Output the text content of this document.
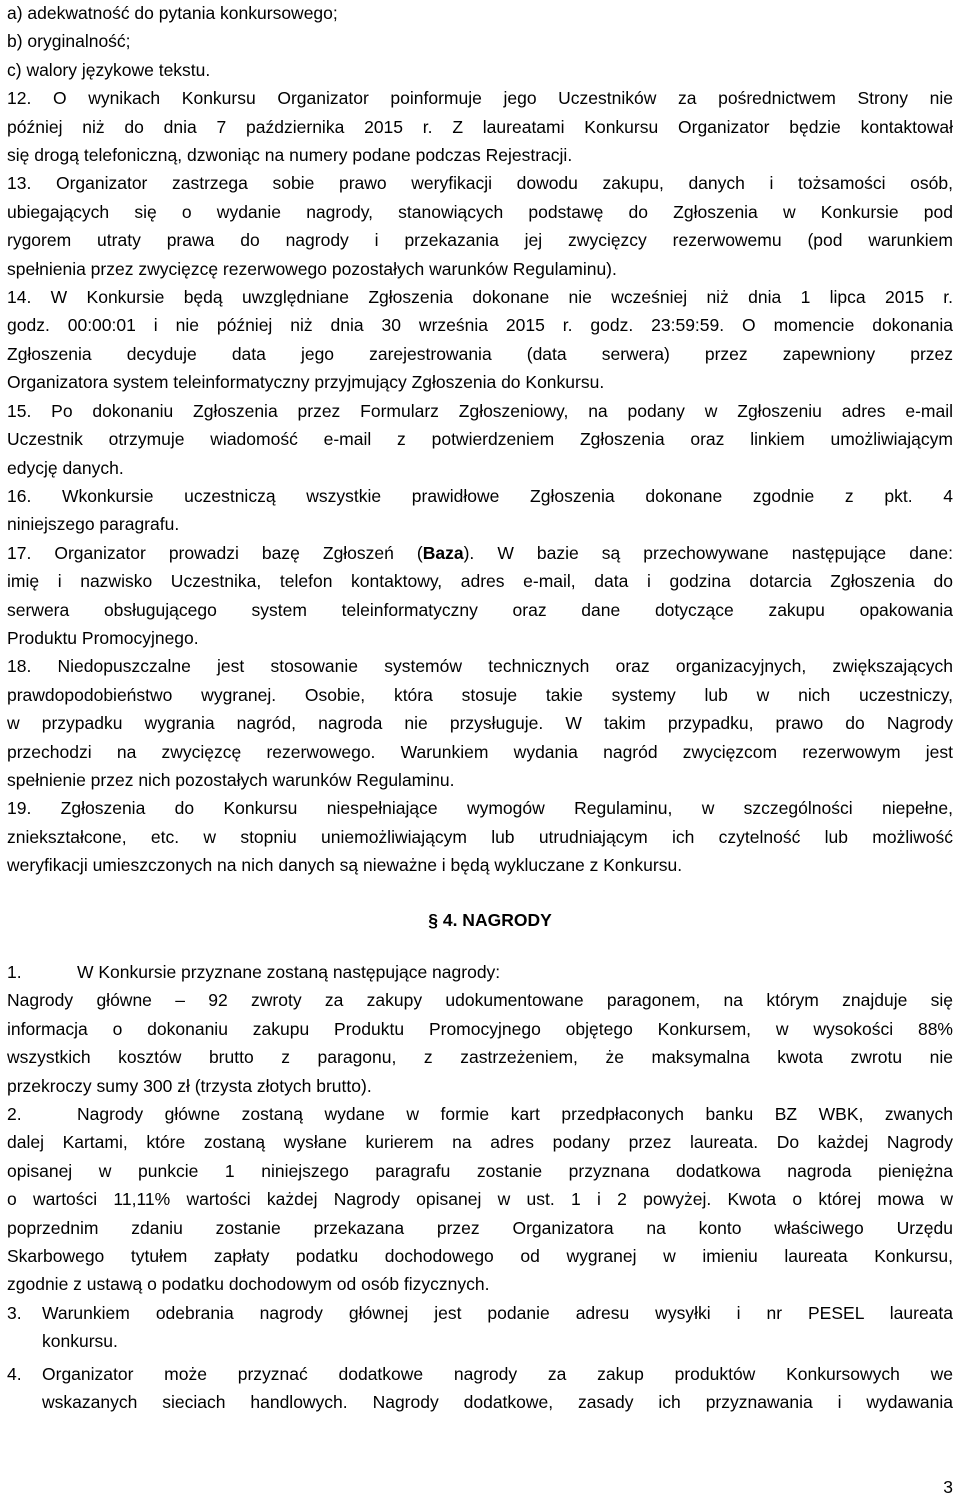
a) adekwatność do pytania konkursowego;
b) oryginalność;
c) walory językowe tekstu.
12. O wynikach Konkursu Organizator poinformuje jego Uczestników za pośrednictwem Strony nie
później niż do dnia 7 października 2015 r. Z laureatami Konkursu Organizator będzie kontaktował
się drogą telefoniczną, dzwoniąc na numery podane podczas Rejestracji.
13. Organizator zastrzega sobie prawo weryfikacji dowodu zakupu, danych i tożsamości osób,
ubiegających się o wydanie nagrody, stanowiących podstawę do Zgłoszenia w Konkursie pod
rygorem utraty prawa do nagrody i przekazania jej zwycięzcy rezerwowemu (pod warunkiem
spełnienia przez zwycięzcę rezerwowego pozostałych warunków Regulaminu).
14. W Konkursie będą uwzględniane Zgłoszenia dokonane nie wcześniej niż dnia 1 lipca 2015 r.
godz. 00:00:01 i nie później niż dnia 30 września 2015 r. godz. 23:59:59. O momencie dokonania
Zgłoszenia decyduje data jego zarejestrowania (data serwera) przez zapewniony przez
Organizatora system teleinformatyczny przyjmujący Zgłoszenia do Konkursu.
15. Po dokonaniu Zgłoszenia przez Formularz Zgłoszeniowy, na podany w Zgłoszeniu adres e-mail
Uczestnik otrzymuje wiadomość e-mail z potwierdzeniem Zgłoszenia oraz linkiem umożliwiającym
edycję danych.
16. Wkonkursie uczestniczą wszystkie prawidłowe Zgłoszenia dokonane zgodnie z pkt. 4
niniejszego paragrafu.
17. Organizator prowadzi bazę Zgłoszeń (Baza). W bazie są przechowywane następujące dane:
imię i nazwisko Uczestnika, telefon kontaktowy, adres e-mail, data i godzina dotarcia Zgłoszenia do
serwera obsługującego system teleinformatyczny oraz dane dotyczące zakupu opakowania
Produktu Promocyjnego.
18. Niedopuszczalne jest stosowanie systemów technicznych oraz organizacyjnych, zwiększających
prawdopodobieństwo wygranej. Osobie, która stosuje takie systemy lub w nich uczestniczy,
w przypadku wygrania nagród, nagroda nie przysługuje. W takim przypadku, prawo do Nagrody
przechodzi na zwycięzcę rezerwowego. Warunkiem wydania nagród zwycięzcom rezerwowym jest
spełnienie przez nich pozostałych warunków Regulaminu.
19. Zgłoszenia do Konkursu niespełniające wymogów Regulaminu, w szczególności niepełne,
zniekształcone, etc. w stopniu uniemożliwiającym lub utrudniającym ich czytelność lub możliwość
weryfikacji umieszczonych na nich danych są nieważne i będą wykluczane z Konkursu.
§ 4. NAGRODY
1.	W Konkursie przyznane zostaną następujące nagrody:
Nagrody główne – 92 zwroty za zakupy udokumentowane paragonem, na którym znajduje się
informacja o dokonaniu zakupu Produktu Promocyjnego objętego Konkursem, w wysokości 88%
wszystkich kosztów brutto z paragonu, z zastrzeżeniem, że maksymalna kwota zwrotu nie
przekroczy sumy 300 zł (trzysta złotych brutto).
2.	Nagrody główne zostaną wydane w formie kart przedpłaconych banku BZ WBK, zwanych
dalej Kartami, które zostaną wysłane kurierem na adres podany przez laureata. Do każdej Nagrody
opisanej w punkcie 1 niniejszego paragrafu zostanie przyznana dodatkowa nagroda pieniężna
o wartości 11,11% wartości każdej Nagrody opisanej w ust. 1 i 2 powyżej. Kwota o której mowa w
poprzednim zdaniu zostanie przekazana przez Organizatora na konto właściwego Urzędu
Skarbowego tytułem zapłaty podatku dochodowego od wygranej w imieniu laureata Konkursu,
zgodnie z ustawą o podatku dochodowym od osób fizycznych.
3. Warunkiem odebrania nagrody głównej jest podanie adresu wysyłki i nr PESEL laureata
konkursu.
4. Organizator może przyznać dodatkowe nagrody za zakup produktów Konkursowych we
wskazanych sieciach handlowych. Nagrody dodatkowe, zasady ich przyznawania i wydawania
3
